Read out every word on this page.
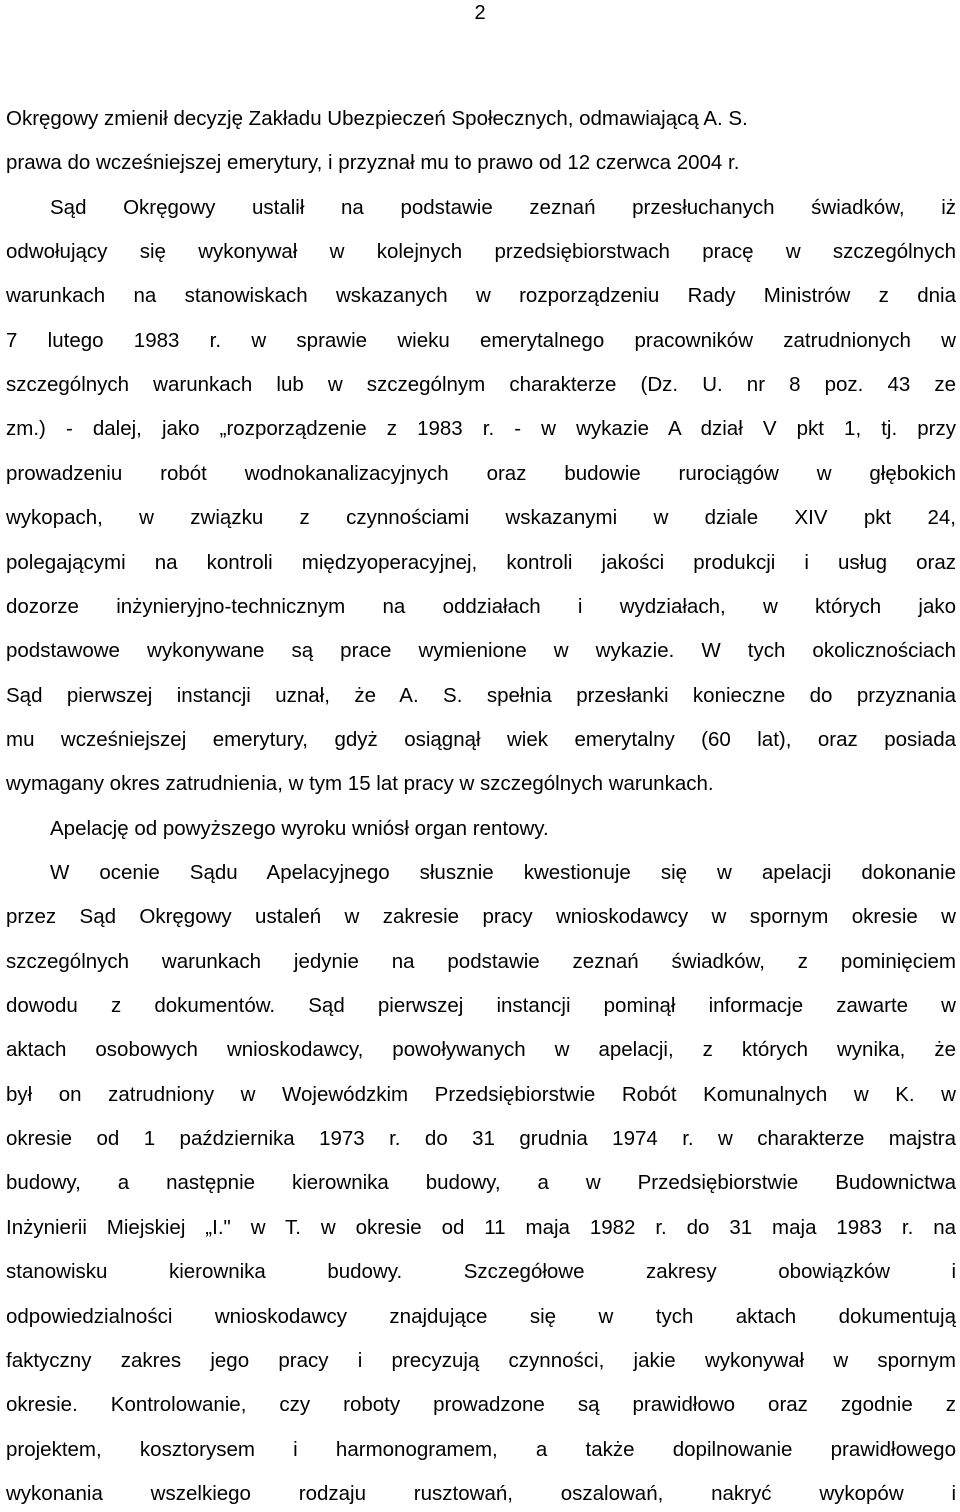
2
Okręgowy zmienił decyzję Zakładu Ubezpieczeń Społecznych, odmawiającą A. S.
prawa do wcześniejszej emerytury, i przyznał mu to prawo od 12 czerwca 2004 r.
Sąd Okręgowy ustalił na podstawie zeznań przesłuchanych świadków, iż
odwołujący się wykonywał w kolejnych przedsiębiorstwach pracę w szczególnych
warunkach na stanowiskach wskazanych w rozporządzeniu Rady Ministrów z dnia
7 lutego 1983 r. w sprawie wieku emerytalnego pracowników zatrudnionych w
szczególnych warunkach lub w szczególnym charakterze (Dz. U. nr 8 poz. 43 ze
zm.) - dalej, jako „rozporządzenie z 1983 r. - w wykazie A dział V pkt 1, tj. przy
prowadzeniu robót wodnokanalizacyjnych oraz budowie rurociągów w głębokich
wykopach, w związku z czynnościami wskazanymi w dziale XIV pkt 24,
polegającymi na kontroli międzyoperacyjnej, kontroli jakości produkcji i usług oraz
dozorze inżynieryjno-technicznym na oddziałach i wydziałach, w których jako
podstawowe wykonywane są prace wymienione w wykazie. W tych okolicznościach
Sąd pierwszej instancji uznał, że A. S. spełnia przesłanki konieczne do przyznania
mu wcześniejszej emerytury, gdyż osiągnął wiek emerytalny (60 lat), oraz posiada
wymagany okres zatrudnienia, w tym 15 lat pracy w szczególnych warunkach.
Apelację od powyższego wyroku wniósł organ rentowy.
W ocenie Sądu Apelacyjnego słusznie kwestionuje się w apelacji dokonanie
przez Sąd Okręgowy ustaleń w zakresie pracy wnioskodawcy w spornym okresie w
szczególnych warunkach jedynie na podstawie zeznań świadków, z pominięciem
dowodu z dokumentów. Sąd pierwszej instancji pominął informacje zawarte w
aktach osobowych wnioskodawcy, powoływanych w apelacji, z których wynika, że
był on zatrudniony w Wojewódzkim Przedsiębiorstwie Robót Komunalnych w K. w
okresie od 1 października 1973 r. do 31 grudnia 1974 r. w charakterze majstra
budowy, a następnie kierownika budowy, a w Przedsiębiorstwie Budownictwa
Inżynierii Miejskiej „I." w T. w okresie od 11 maja 1982 r. do 31 maja 1983 r. na
stanowisku kierownika budowy. Szczegółowe zakresy obowiązków i
odpowiedzialności wnioskodawcy znajdujące się w tych aktach dokumentują
faktyczny zakres jego pracy i precyzują czynności, jakie wykonywał w spornym
okresie. Kontrolowanie, czy roboty prowadzone są prawidłowo oraz zgodnie z
projektem, kosztorysem i harmonogramem, a także dopilnowanie prawidłowego
wykonania wszelkiego rodzaju rusztowań, oszalowań, nakryć wykopów i
